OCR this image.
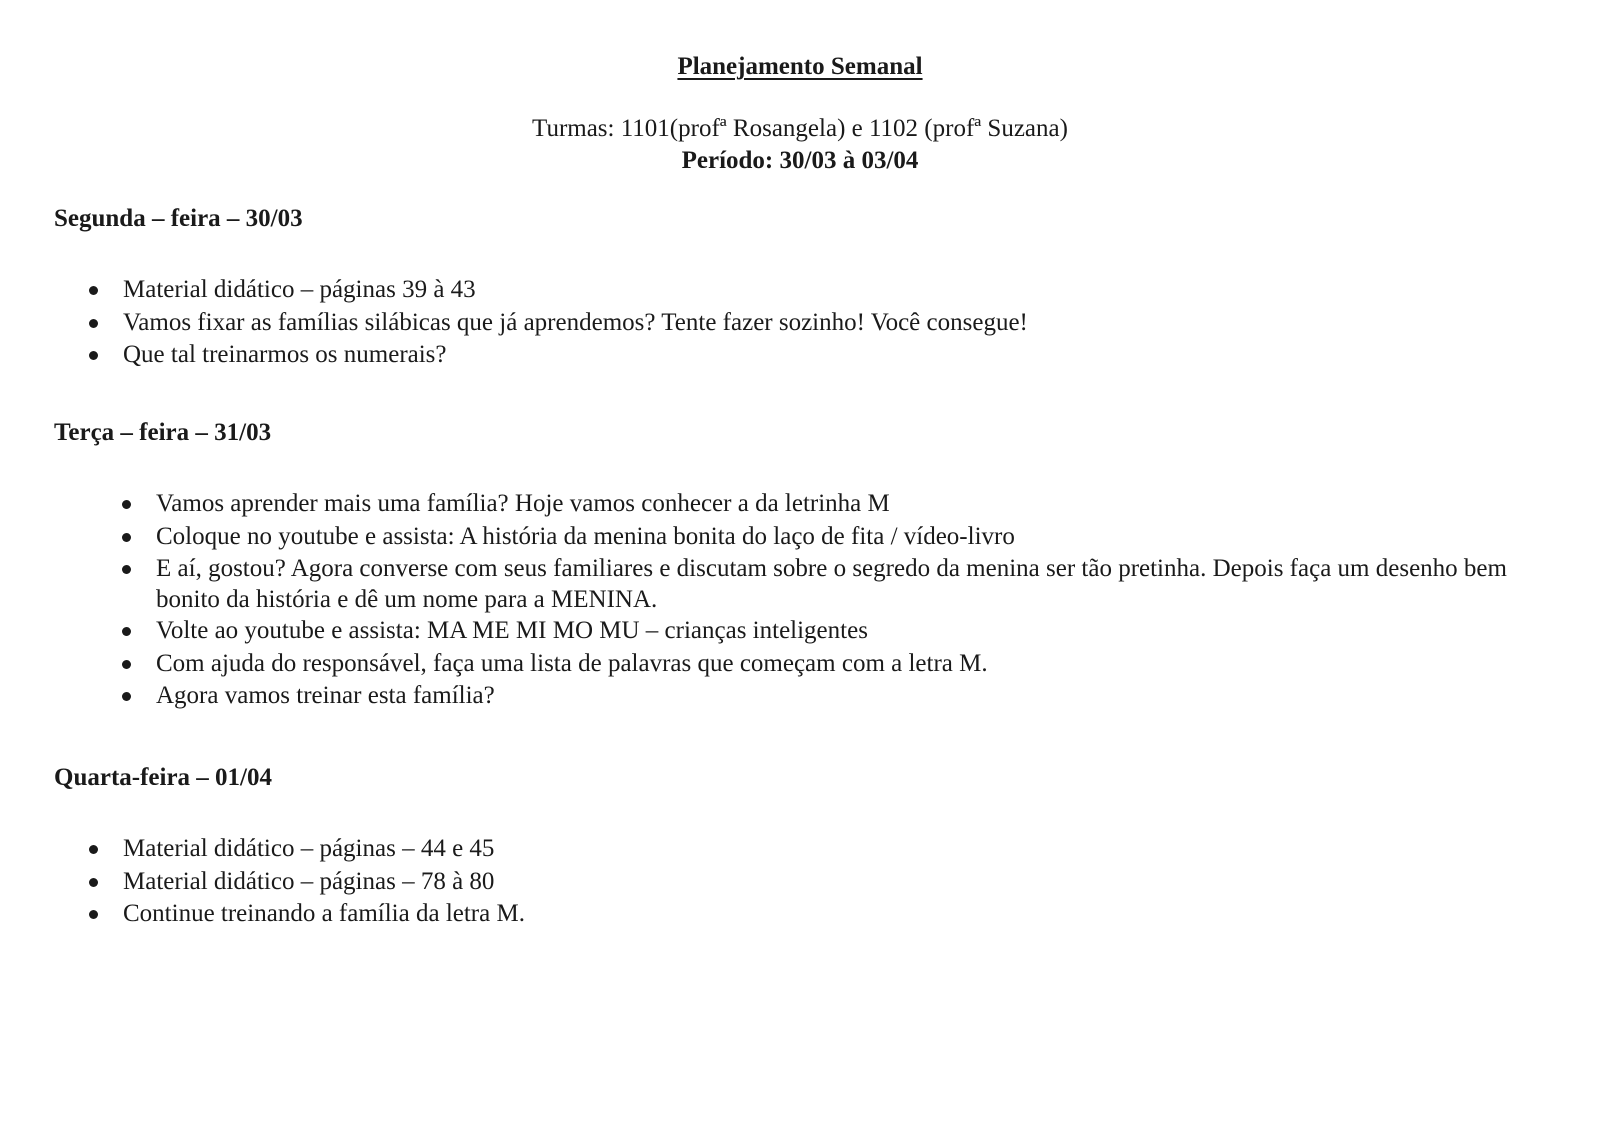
Planejamento Semanal

Turmas: 1101(profª Rosangela) e 1102 (profª Suzana)

Período: 30/03 à 03/04

Segunda – feira – 30/03
Material didático – páginas 39 à 43
Vamos fixar as famílias silábicas que já aprendemos? Tente fazer sozinho! Você consegue!
Que tal treinarmos os numerais?
Terça – feira – 31/03
Vamos aprender mais uma família? Hoje vamos conhecer a da letrinha M
Coloque no youtube e assista: A história da menina bonita do laço de fita / vídeo-livro
E aí, gostou? Agora converse com seus familiares e discutam sobre o segredo da menina ser tão pretinha. Depois faça um desenho bem bonito da história e dê um nome para a MENINA.
Volte ao youtube e assista: MA ME MI MO MU – crianças inteligentes
Com ajuda do responsável, faça uma lista de palavras que começam com a letra M.
Agora vamos treinar esta família?
Quarta-feira – 01/04
Material didático – páginas – 44 e 45
Material didático – páginas – 78 à 80
Continue treinando a família da letra M.
